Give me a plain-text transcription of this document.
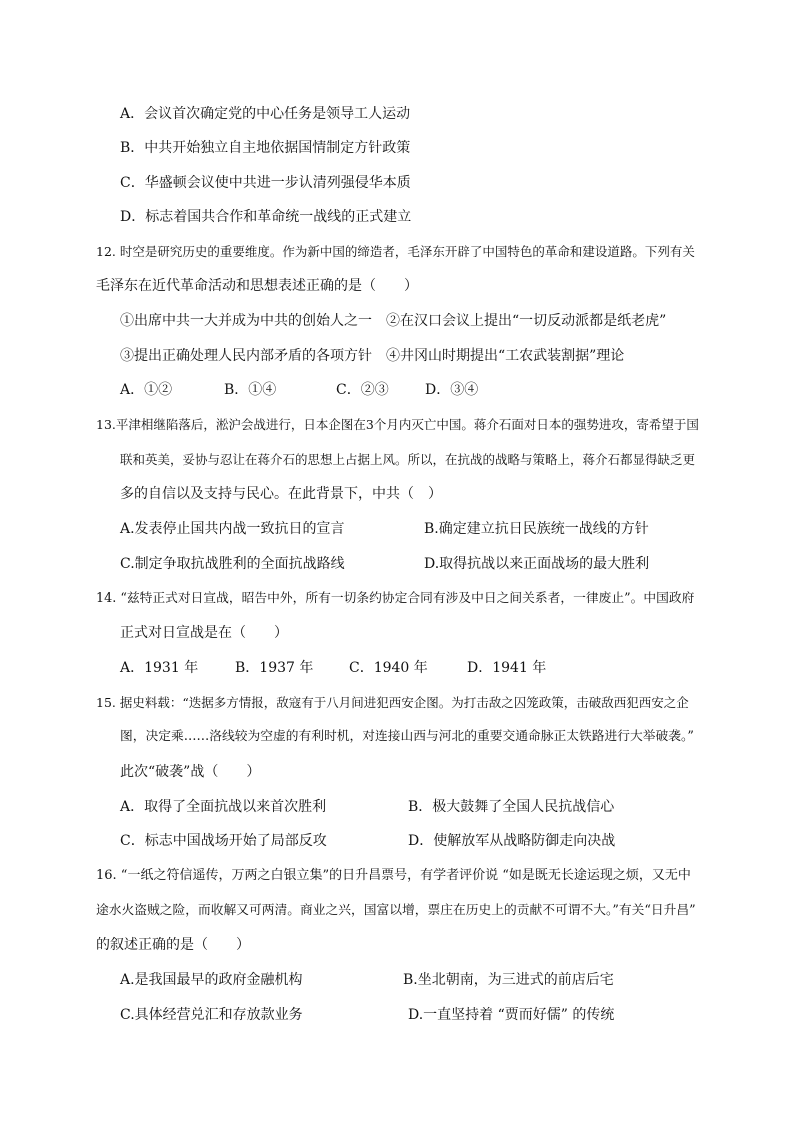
A．会议首次确定党的中心任务是领导工人运动
B．中共开始独立自主地依据国情制定方针政策
C．华盛顿会议使中共进一步认清列强侵华本质
D．标志着国共合作和革命统一战线的正式建立
12. 时空是研究历史的重要维度。作为新中国的缔造者，毛泽东开辟了中国特色的革命和建设道路。下列有关
毛泽东在近代革命活动和思想表述正确的是（　　）
①出席中共一大并成为中共的创始人之一　②在汉口会议上提出“一切反动派都是纸老虎”
③提出正确处理人民内部矛盾的各项方针　④井冈山时期提出“工农武装割据”理论
A．①②	B．①④	C．②③	D．③④
13.平津相继陷落后，淞沪会战进行，日本企图在3个月内灭亡中国。蒋介石面对日本的强势进攻，寄希望于国
联和英美，妥协与忍让在蒋介石的思想上占据上风。所以，在抗战的战略与策略上，蒋介石都显得缺乏更
多的自信以及支持与民心。在此背景下，中共（　）
A.发表停止国共内战一致抗日的宣言	B.确定建立抗日民族统一战线的方针
C.制定争取抗战胜利的全面抗战路线	D.取得抗战以来正面战场的最大胜利
14. “兹特正式对日宣战，昭告中外，所有一切条约协定合同有涉及中日之间关系者，一律废止”。中国政府
正式对日宣战是在（　　）
A．1931 年	B．1937 年	C．1940 年	D．1941 年
15. 据史料载：“迭据多方情报，敌寇有于八月间进犯西安企图。为打击敌之囚笼政策，击破敌西犯西安之企
图，决定乘……洛线较为空虚的有利时机，对连接山西与河北的重要交通命脉正太铁路进行大举破袭。”
此次“破袭”战（　　）
A．取得了全面抗战以来首次胜利	B．极大鼓舞了全国人民抗战信心
C．标志中国战场开始了局部反攻	D．使解放军从战略防御走向决战
16. “一纸之符信遥传，万两之白银立集”的日升昌票号，有学者评价说 “如是既无长途运现之烦，又无中
途水火盗贼之险，而收解又可两清。商业之兴，国富以增，票庄在历史上的贡献不可谓不大。”有关“日升昌”
的叙述正确的是（　　）
A.是我国最早的政府金融机构	B.坐北朝南，为三进式的前店后宅
C.具体经营兑汇和存放款业务	D.一直坚持着 “贾而好儒” 的传统
